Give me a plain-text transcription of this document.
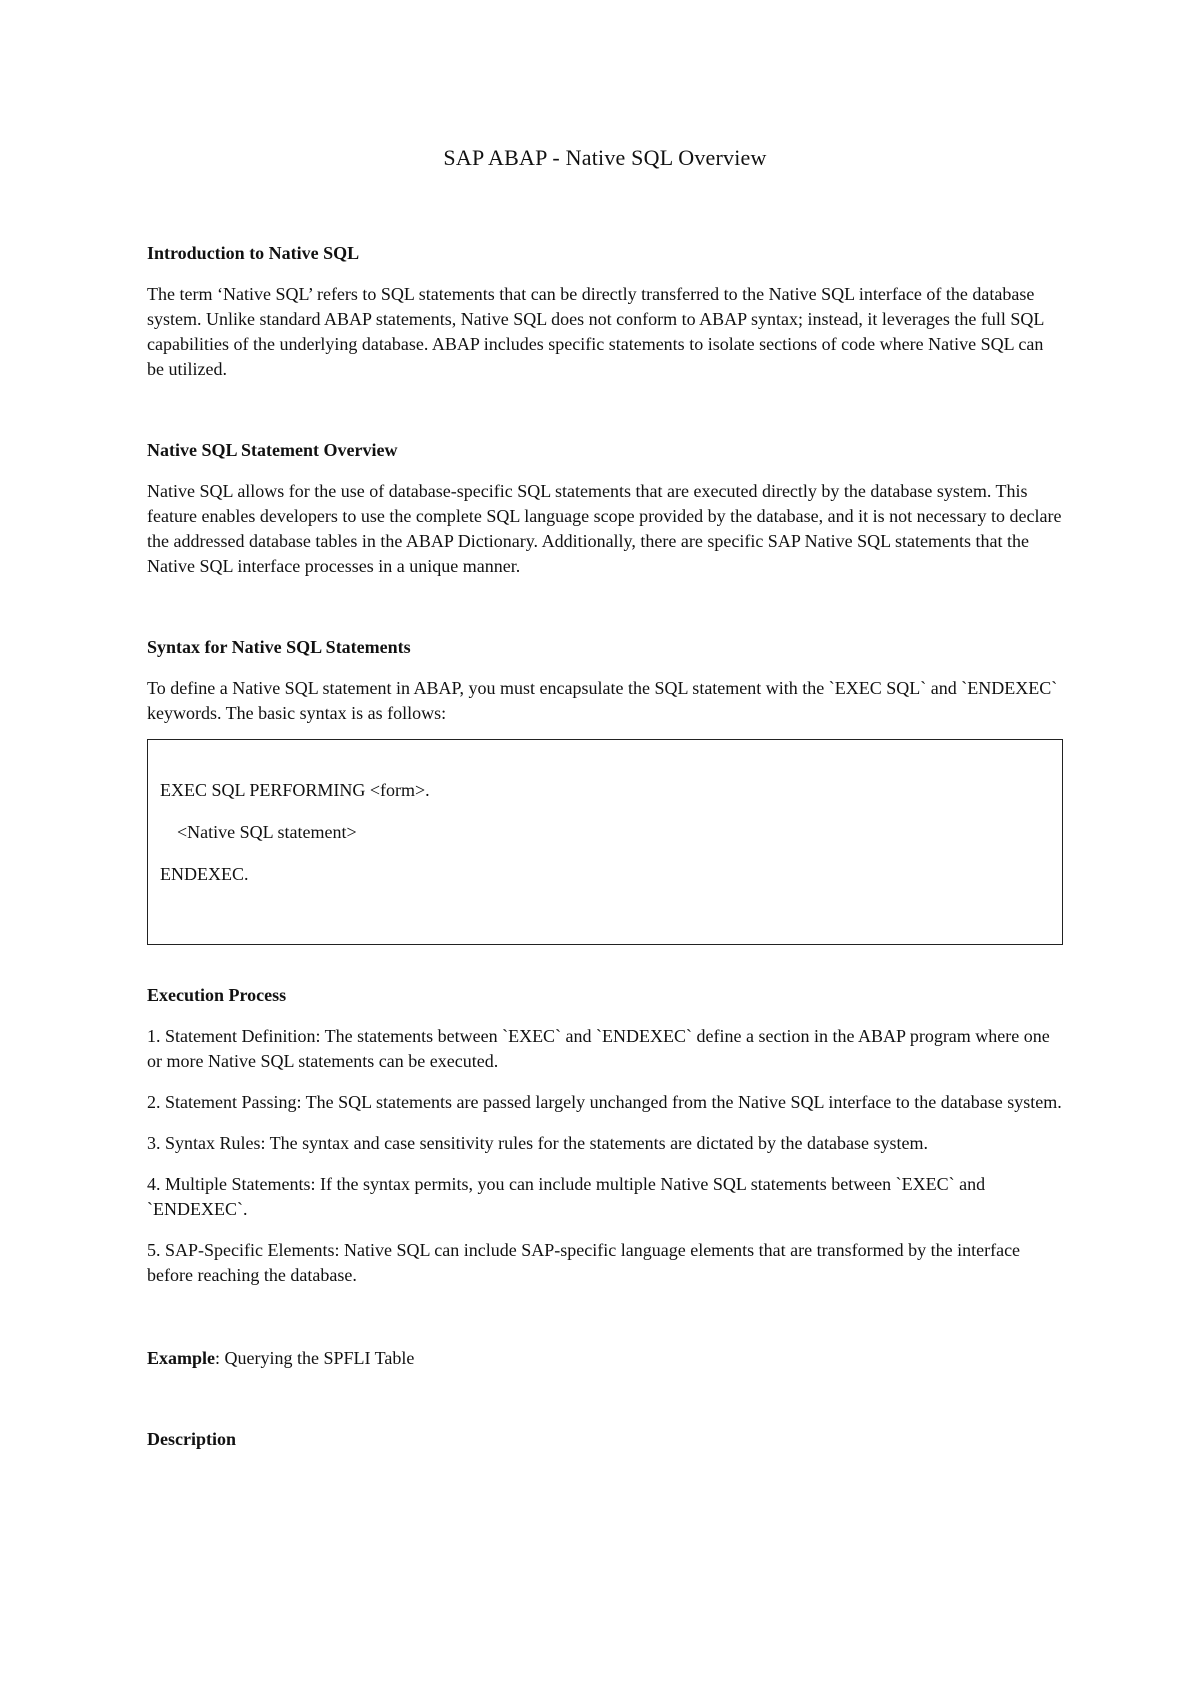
SAP ABAP - Native SQL Overview
Introduction to Native SQL

The term ‘Native SQL’ refers to SQL statements that can be directly transferred to the Native SQL interface of the database system. Unlike standard ABAP statements, Native SQL does not conform to ABAP syntax; instead, it leverages the full SQL capabilities of the underlying database. ABAP includes specific statements to isolate sections of code where Native SQL can be utilized.

Native SQL Statement Overview

Native SQL allows for the use of database-specific SQL statements that are executed directly by the database system. This feature enables developers to use the complete SQL language scope provided by the database, and it is not necessary to declare the addressed database tables in the ABAP Dictionary. Additionally, there are specific SAP Native SQL statements that the Native SQL interface processes in a unique manner.

Syntax for Native SQL Statements

To define a Native SQL statement in ABAP, you must encapsulate the SQL statement with the `EXEC SQL` and `ENDEXEC` keywords. The basic syntax is as follows:

EXEC SQL PERFORMING <form>.
<Native SQL statement>
ENDEXEC.
Execution Process
1. Statement Definition: The statements between `EXEC` and `ENDEXEC` define a section in the ABAP program where one or more Native SQL statements can be executed.
2. Statement Passing: The SQL statements are passed largely unchanged from the Native SQL interface to the database system.
3. Syntax Rules: The syntax and case sensitivity rules for the statements are dictated by the database system.
4. Multiple Statements: If the syntax permits, you can include multiple Native SQL statements between `EXEC` and `ENDEXEC`.
5. SAP-Specific Elements: Native SQL can include SAP-specific language elements that are transformed by the interface before reaching the database.
Example: Querying the SPFLI Table
Description
